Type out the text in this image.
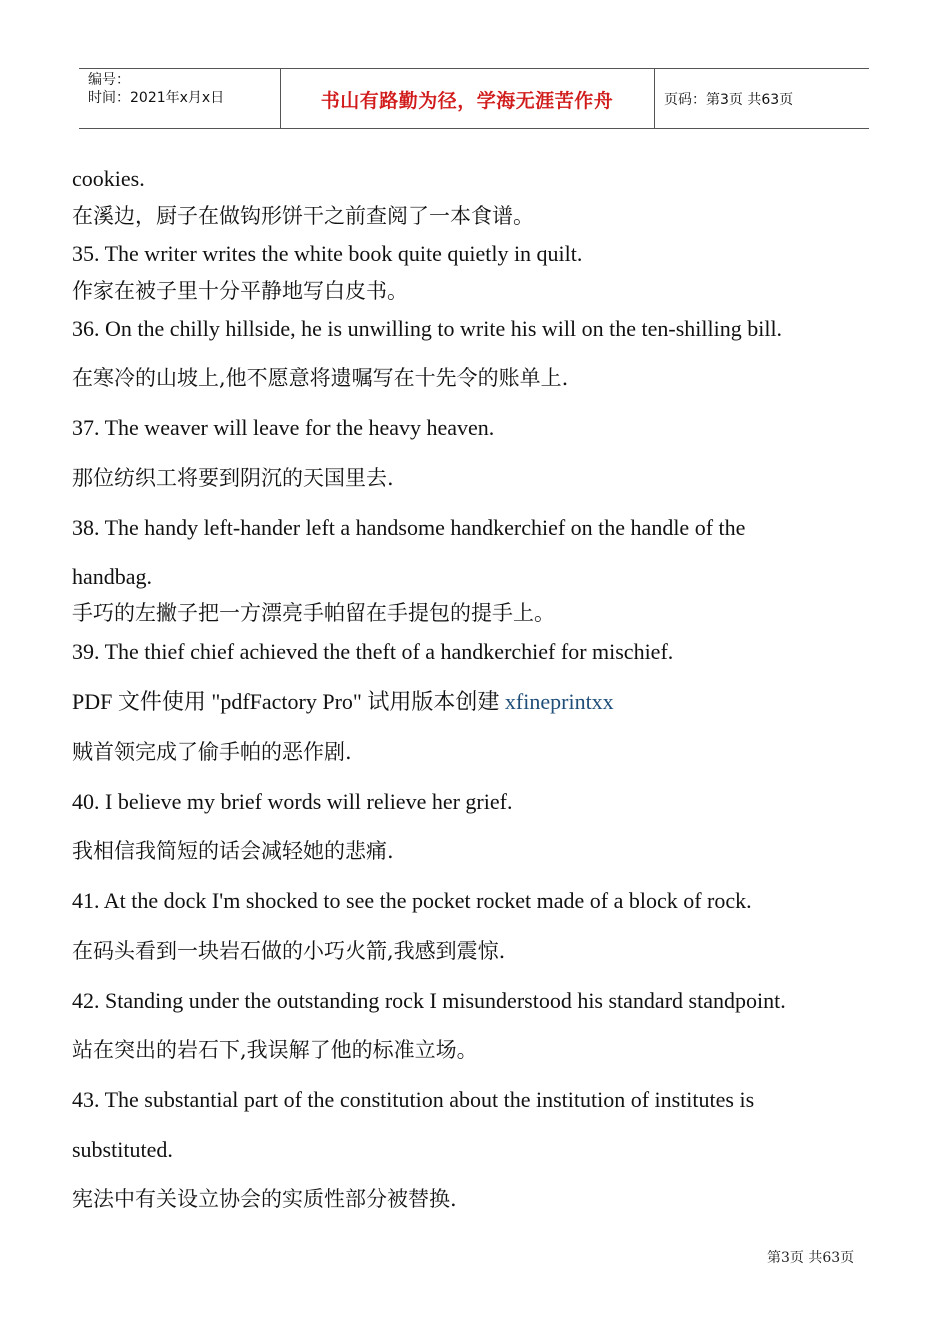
编号：
时间：2021年x月x日	书山有路勤为径，学海无涯苦作舟	页码：第3页 共63页
cookies.
在溪边，厨子在做钩形饼干之前查阅了一本食谱。
35. The writer writes the white book quite quietly in quilt.
作家在被子里十分平静地写白皮书。
36. On the chilly hillside, he is unwilling to write his will on the ten-shilling bill.
在寒冷的山坡上,他不愿意将遗嘱写在十先令的账单上.
37. The weaver will leave for the heavy heaven.
那位纺织工将要到阴沉的天国里去.
38. The handy left-hander left a handsome handkerchief on the handle of the
handbag.
手巧的左撇子把一方漂亮手帕留在手提包的提手上。
39. The thief chief achieved the theft of a handkerchief for mischief.
PDF 文件使用 "pdfFactory Pro" 试用版本创建 xfineprintxx
贼首领完成了偷手帕的恶作剧.
40. I believe my brief words will relieve her grief.
我相信我简短的话会减轻她的悲痛.
41. At the dock I'm shocked to see the pocket rocket made of a block of rock.
在码头看到一块岩石做的小巧火箭,我感到震惊.
42. Standing under the outstanding rock I misunderstood his standard standpoint.
站在突出的岩石下,我误解了他的标准立场。
43. The substantial part of the constitution about the institution of institutes is
substituted.
宪法中有关设立协会的实质性部分被替换.
第3页 共63页
